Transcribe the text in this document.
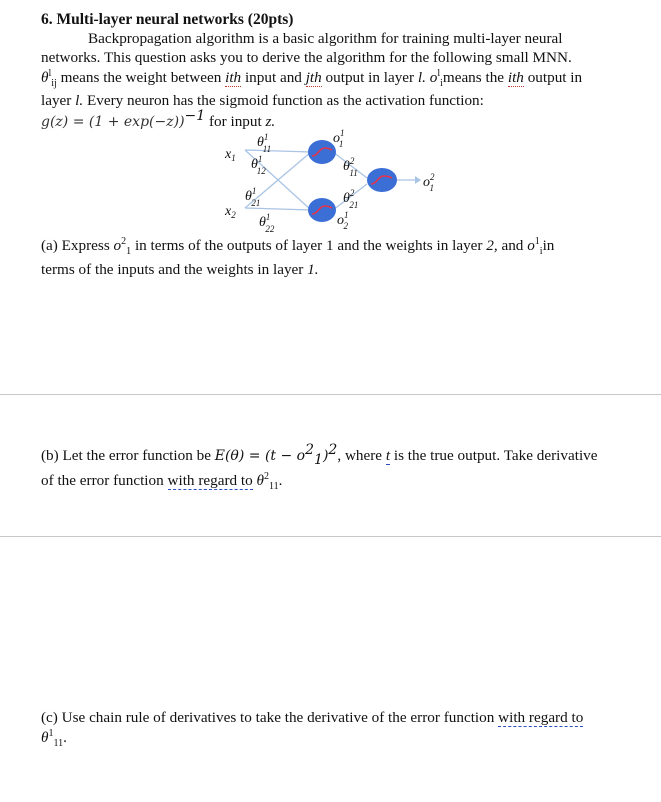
6. Multi-layer neural networks (20pts)
Backpropagation algorithm is a basic algorithm for training multi-layer neural
networks. This question asks you to derive the algorithm for the following small MNN.
$\theta^l_{ij}$ means the weight between ith input and jth output in layer l. $o^l_imeans$ the ith output in
layer l. Every neuron has the sigmoid function as the activation function:
$g(z) = (1 + \exp(-z))^{-1}$ for input z.
$x_1$
$x_2$
$\theta^1$ 11
$\theta^1$ 12
$\theta^1$ 21
$\theta^1$ 22
$o^1$ 1
$o^1$ 2
$\theta^2$ 11
$\theta^2$ 21
$o^2$ 1
(a) Express $o^2_1$ in terms of the outputs of layer 1 and the weights in layer 2, and $o^1_iin$
terms of the inputs and the weights in layer 1.
(b) Let the error function be $E(\theta) = (t - o^2_1)^2$, where t is the true output. Take derivative
of the error function with regard to $\theta^2_{11}$.
(c) Use chain rule of derivatives to take the derivative of the error function with regard to
$\theta^1_{11}$.
